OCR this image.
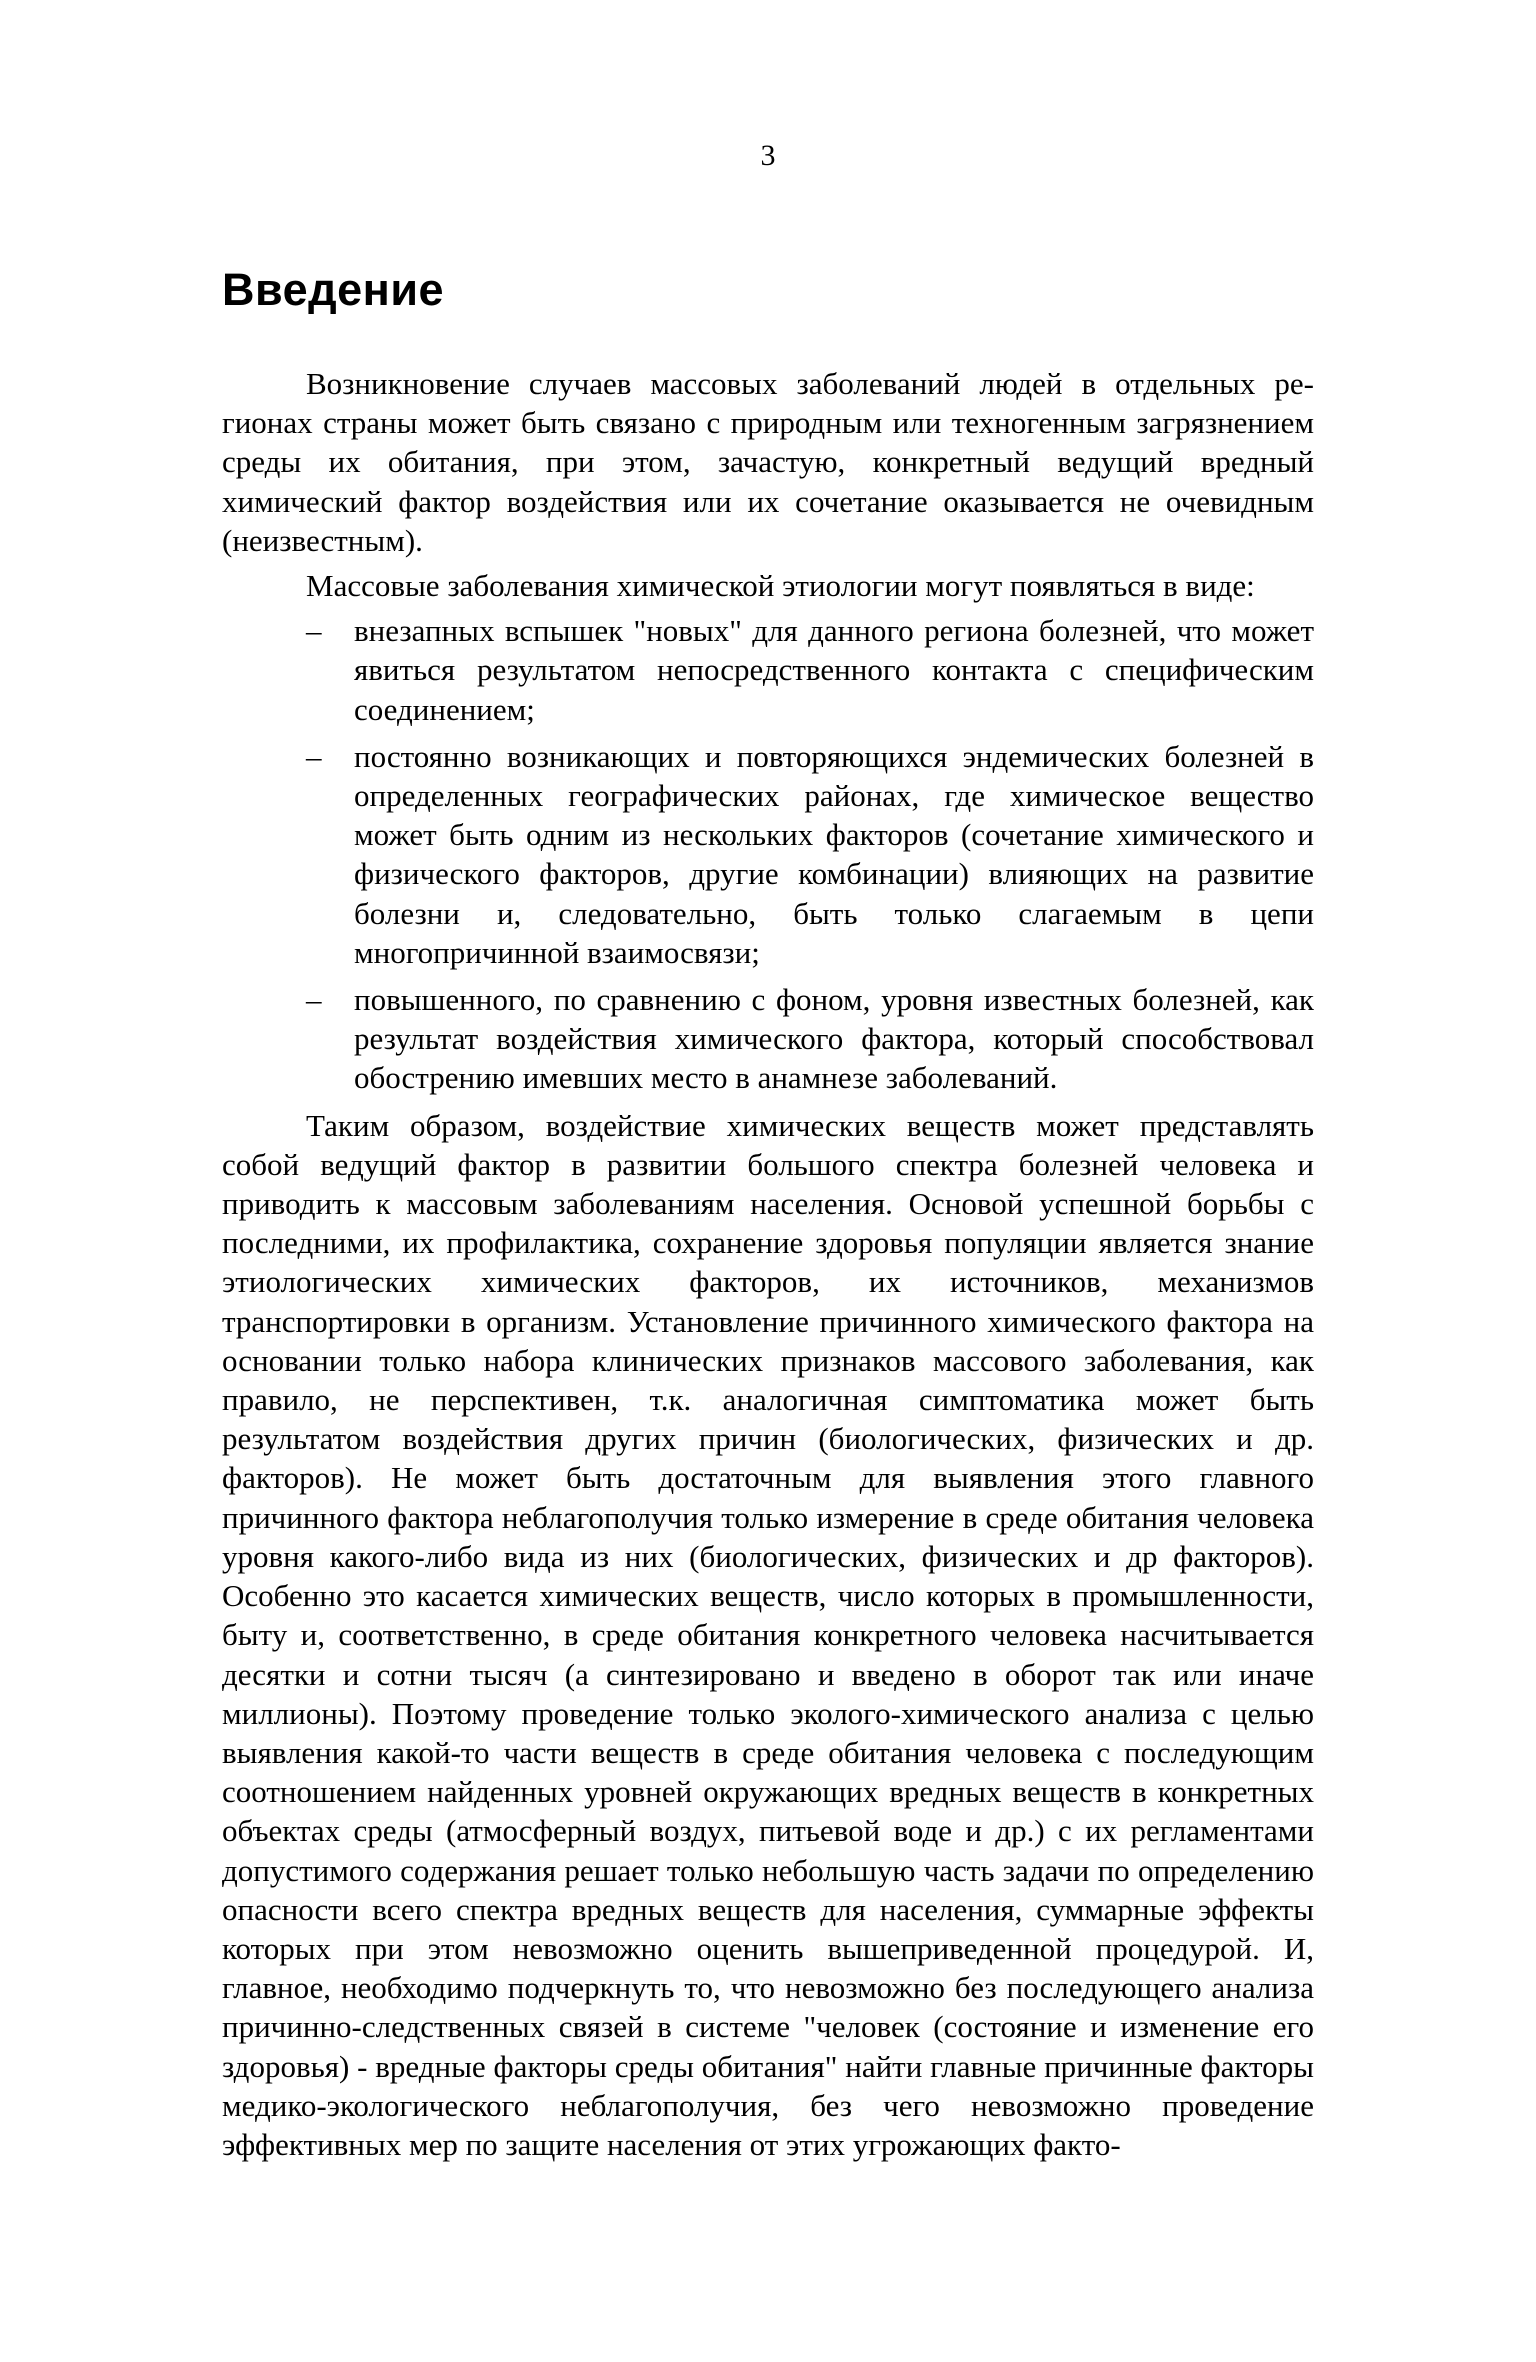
3
Введение

Возникновение случаев массовых заболеваний людей в отдельных регионах страны может быть связано с природным или техногенным загрязнением среды их обитания, при этом, зачастую, конкретный ведущий вредный химический фактор воздействия или их сочетание оказывается не очевидным (неизвестным).

Массовые заболевания химической этиологии могут появляться в виде:

– внезапных вспышек "новых" для данного региона болезней, что может явиться результатом непосредственного контакта с специфическим соединением;
– постоянно возникающих и повторяющихся эндемических болезней в определенных географических районах, где химическое вещество может быть одним из нескольких факторов (сочетание химического и физического факторов, другие комбинации) влияющих на развитие болезни и, следовательно, быть только слагаемым в цепи многопричинной взаимосвязи;
– повышенного, по сравнению с фоном, уровня известных болезней, как результат воздействия химического фактора, который способствовал обострению имевших место в анамнезе заболеваний.

Таким образом, воздействие химических веществ может представлять собой ведущий фактор в развитии большого спектра болезней человека и приводить к массовым заболеваниям населения. Основой успешной борьбы с последними, их профилактика, сохранение здоровья популяции является знание этиологических химических факторов, их источников, механизмов транспортировки в организм. Установление причинного химического фактора на основании только набора клинических признаков массового заболевания, как правило, не перспективен, т.к. аналогичная симптоматика может быть результатом воздействия других причин (биологических, физических и др. факторов). Не может быть достаточным для выявления этого главного причинного фактора неблагополучия только измерение в среде обитания человека уровня какого-либо вида из них (биологических, физических и др факторов). Особенно это касается химических веществ, число которых в промышленности, быту и, соответственно, в среде обитания конкретного человека насчитывается десятки и сотни тысяч (а синтезировано и введено в оборот так или иначе миллионы). Поэтому проведение только эколого-химического анализа с целью выявления какой-то части веществ в среде обитания человека с последующим соотношением найденных уровней окружающих вредных веществ в конкретных объектах среды (атмосферный воздух, питьевой воде и др.) с их регламентами допустимого содержания решает только небольшую часть задачи по определению опасности всего спектра вредных веществ для населения, суммарные эффекты которых при этом невозможно оценить вышеприведенной процедурой. И, главное, необходимо подчеркнуть то, что невозможно без последующего анализа причинно-следственных связей в системе "человек (состояние и изменение его здоровья) - вредные факторы среды обитания" найти главные причинные факторы медико-экологического неблагополучия, без чего невозможно проведение эффективных мер по защите населения от этих угрожающих факто-
